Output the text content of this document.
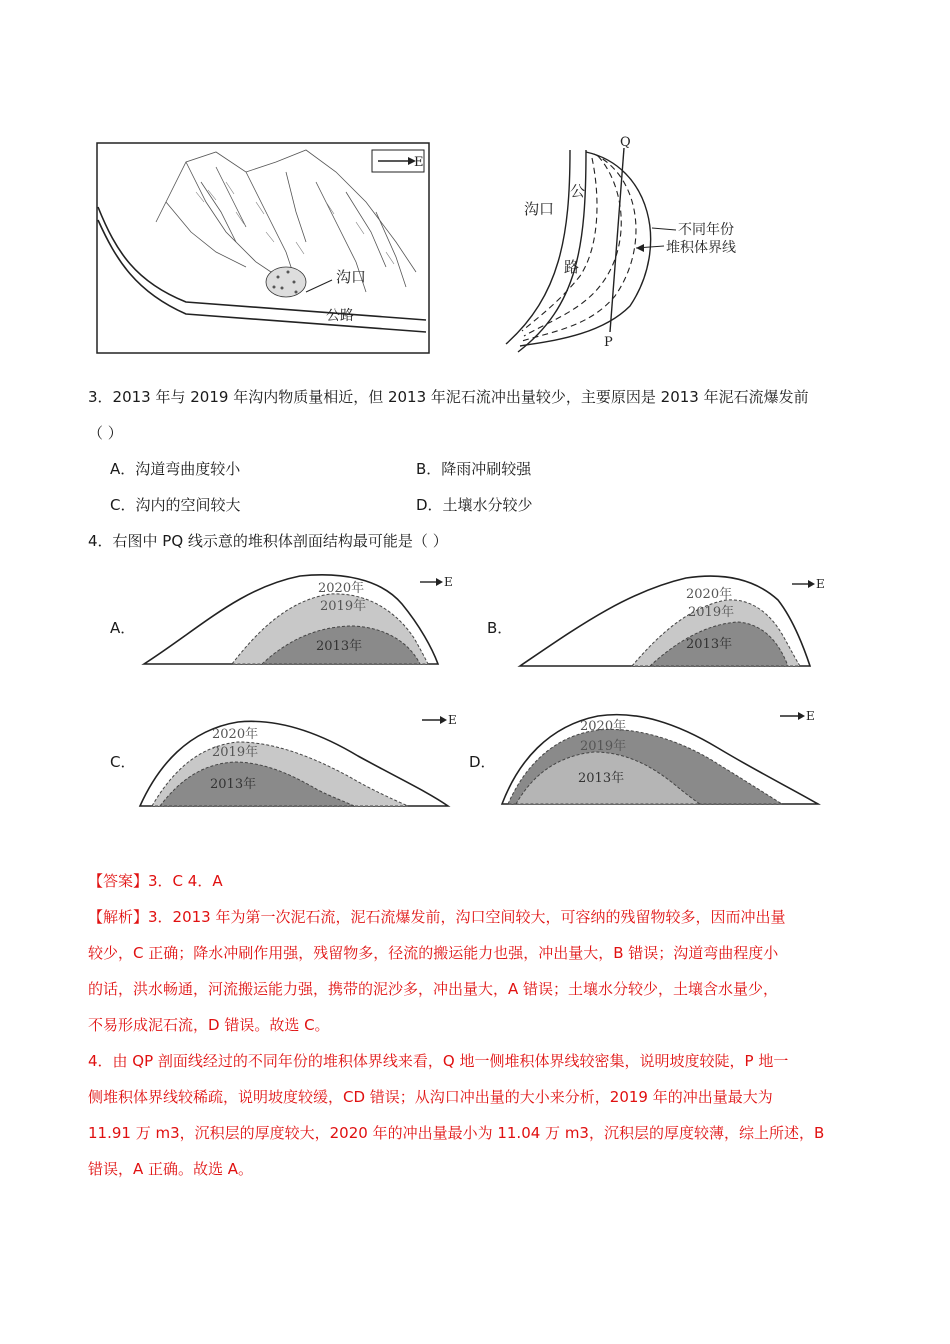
E
沟口
公路
Q
P
沟口
公
路
不同年份
堆积体界线
3．2013 年与 2019 年沟内物质量相近，但 2013 年泥石流冲出量较少，主要原因是 2013 年泥石流爆发前
（ ）
A．沟道弯曲度较小	B．降雨冲刷较强
C．沟内的空间较大	D．土壤水分较少
4．右图中 PQ 线示意的堆积体剖面结构最可能是（ ）
A．
2020年
2019年
2013年
E
B．
2020年
2019年
2013年
E
C．
2020年
2019年
2013年
E
D．
2020年
2019年
2013年
E
【答案】3．C 4．A
【解析】3．2013 年为第一次泥石流，泥石流爆发前，沟口空间较大，可容纳的残留物较多，因而冲出量
较少，C 正确；降水冲刷作用强，残留物多，径流的搬运能力也强，冲出量大，B 错误；沟道弯曲程度小
的话，洪水畅通，河流搬运能力强，携带的泥沙多，冲出量大，A 错误；土壤水分较少，土壤含水量少，
不易形成泥石流，D 错误。故选 C。
4．由 QP 剖面线经过的不同年份的堆积体界线来看，Q 地一侧堆积体界线较密集，说明坡度较陡，P 地一
侧堆积体界线较稀疏，说明坡度较缓，CD 错误；从沟口冲出量的大小来分析，2019 年的冲出量最大为
11.91 万 m3，沉积层的厚度较大，2020 年的冲出量最小为 11.04 万 m3，沉积层的厚度较薄，综上所述，B
错误，A 正确。故选 A。
